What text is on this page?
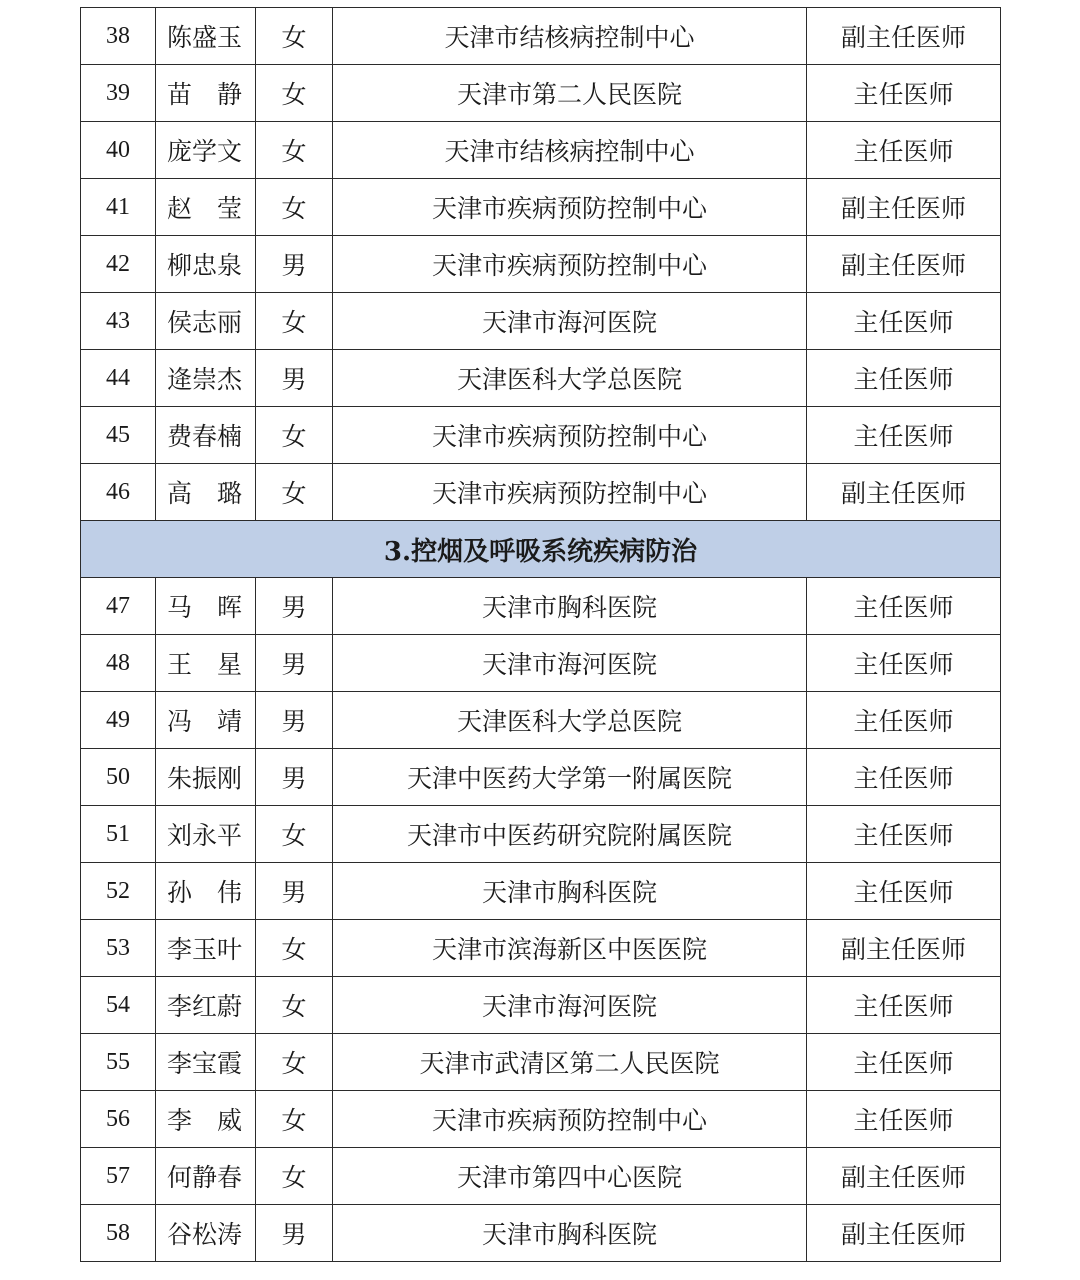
38	陈盛玉	女	天津市结核病控制中心	副主任医师
39	苗　静	女	天津市第二人民医院	主任医师
40	庞学文	女	天津市结核病控制中心	主任医师
41	赵　莹	女	天津市疾病预防控制中心	副主任医师
42	柳忠泉	男	天津市疾病预防控制中心	副主任医师
43	侯志丽	女	天津市海河医院	主任医师
44	逄崇杰	男	天津医科大学总医院	主任医师
45	费春楠	女	天津市疾病预防控制中心	主任医师
46	高　璐	女	天津市疾病预防控制中心	副主任医师
3.控烟及呼吸系统疾病防治				
47	马　晖	男	天津市胸科医院	主任医师
48	王　星	男	天津市海河医院	主任医师
49	冯　靖	男	天津医科大学总医院	主任医师
50	朱振刚	男	天津中医药大学第一附属医院	主任医师
51	刘永平	女	天津市中医药研究院附属医院	主任医师
52	孙　伟	男	天津市胸科医院	主任医师
53	李玉叶	女	天津市滨海新区中医医院	副主任医师
54	李红蔚	女	天津市海河医院	主任医师
55	李宝霞	女	天津市武清区第二人民医院	主任医师
56	李　威	女	天津市疾病预防控制中心	主任医师
57	何静春	女	天津市第四中心医院	副主任医师
58	谷松涛	男	天津市胸科医院	副主任医师
